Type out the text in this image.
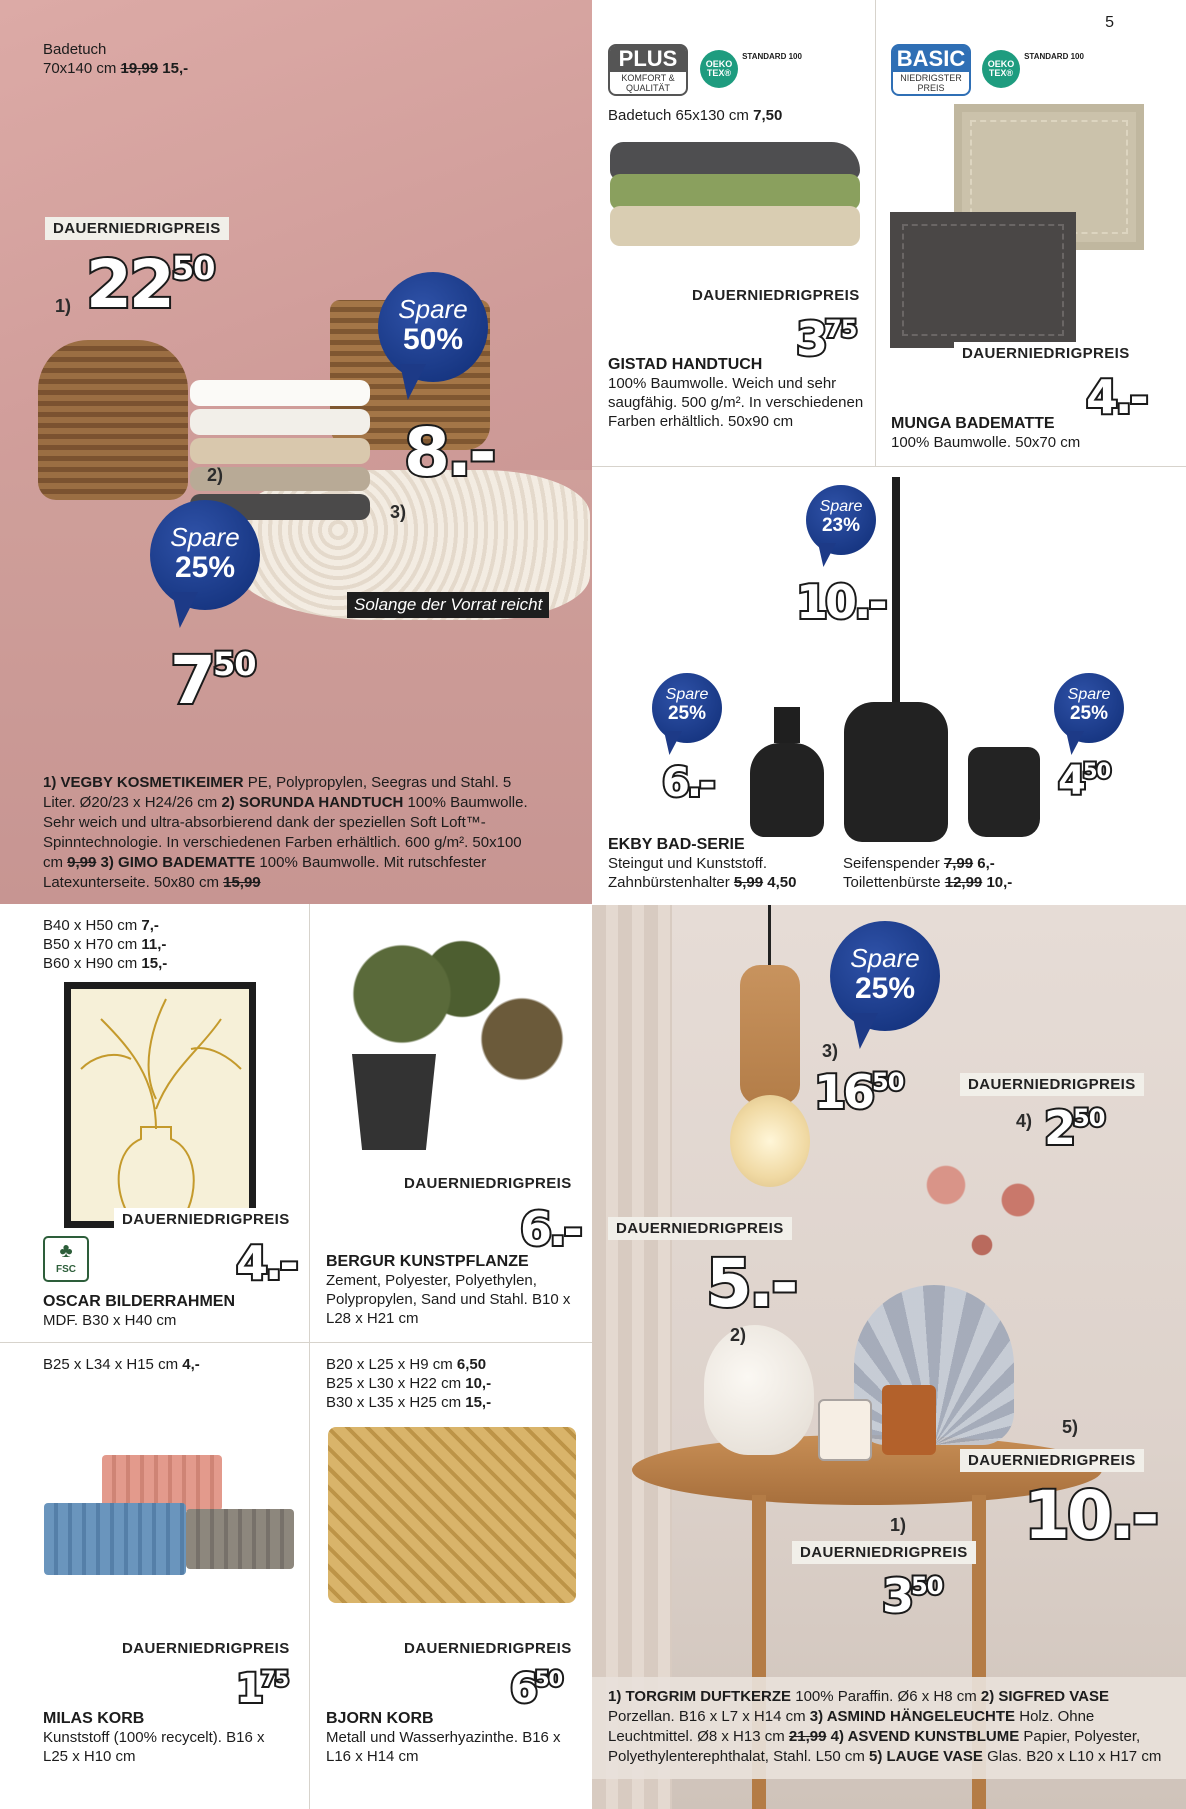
Badetuch
70x140 cm 19,99 15,-
DAUERNIEDRIGPREIS
1) 2250
Spare
50%
8.-
2)
3)
Spare
25%
750
Solange der Vorrat reicht
1) VEGBY KOSMETIKEIMER PE, Polypropylen, Seegras und Stahl. 5 Liter. Ø20/23 x H24/26 cm 2) SORUNDA HANDTUCH 100% Baumwolle. Sehr weich und ultra-absorbierend dank der speziellen Soft Loft™-Spinntechnologie. In verschiedenen Farben erhältlich. 600 g/m². 50x100 cm 9,99 3) GIMO BADEMATTE 100% Baumwolle. Mit rutschfester Latexunterseite. 50x80 cm 15,99
PLUS
KOMFORT & QUALITÄT
OEKO TEX®
STANDARD 100
Badetuch 65x130 cm 7,50
DAUERNIEDRIGPREIS
375
GISTAD HANDTUCH
100% Baumwolle. Weich und sehr saugfähig. 500 g/m². In verschiedenen Farben erhältlich. 50x90 cm
5
BASIC
NIEDRIGSTER PREIS
OEKO TEX®
STANDARD 100
DAUERNIEDRIGPREIS
4.-
MUNGA BADEMATTE
100% Baumwolle. 50x70 cm
Spare
23%
10.-
Spare
25%
6.-
Spare
25%
450
EKBY BAD-SERIE
Steingut und Kunststoff.
Zahnbürstenhalter 5,99 4,50
Seifenspender 7,99 6,-
Toilettenbürste 12,99 10,-
B40 x H50 cm 7,-
B50 x H70 cm 11,-
B60 x H90 cm 15,-
DAUERNIEDRIGPREIS
♣
FSC	4.-
OSCAR BILDERRAHMEN
MDF. B30 x H40 cm
DAUERNIEDRIGPREIS
6.-
BERGUR KUNSTPFLANZE
Zement, Polyester, Polyethylen, Polypropylen, Sand und Stahl. B10 x L28 x H21 cm
B25 x L34 x H15 cm 4,-
DAUERNIEDRIGPREIS
175
MILAS KORB
Kunststoff (100% recycelt). B16 x L25 x H10 cm
B20 x L25 x H9 cm 6,50
B25 x L30 x H22 cm 10,-
B30 x L35 x H25 cm 15,-
DAUERNIEDRIGPREIS
650
BJORN KORB
Metall und Wasserhyazinthe. B16 x L16 x H14 cm
Spare
25%
3)
1650	DAUERNIEDRIGPREIS
4) 250
DAUERNIEDRIGPREIS
5.-
2)
5)
DAUERNIEDRIGPREIS
10.-
1)
DAUERNIEDRIGPREIS
350
1) TORGRIM DUFTKERZE 100% Paraffin. Ø6 x H8 cm 2) SIGFRED VASE Porzellan. B16 x L7 x H14 cm 3) ASMIND HÄNGELEUCHTE Holz. Ohne Leuchtmittel. Ø8 x H13 cm 21,99 4) ASVEND KUNSTBLUME Papier, Polyester, Polyethylenterephthalat, Stahl. L50 cm 5) LAUGE VASE Glas. B20 x L10 x H17 cm
